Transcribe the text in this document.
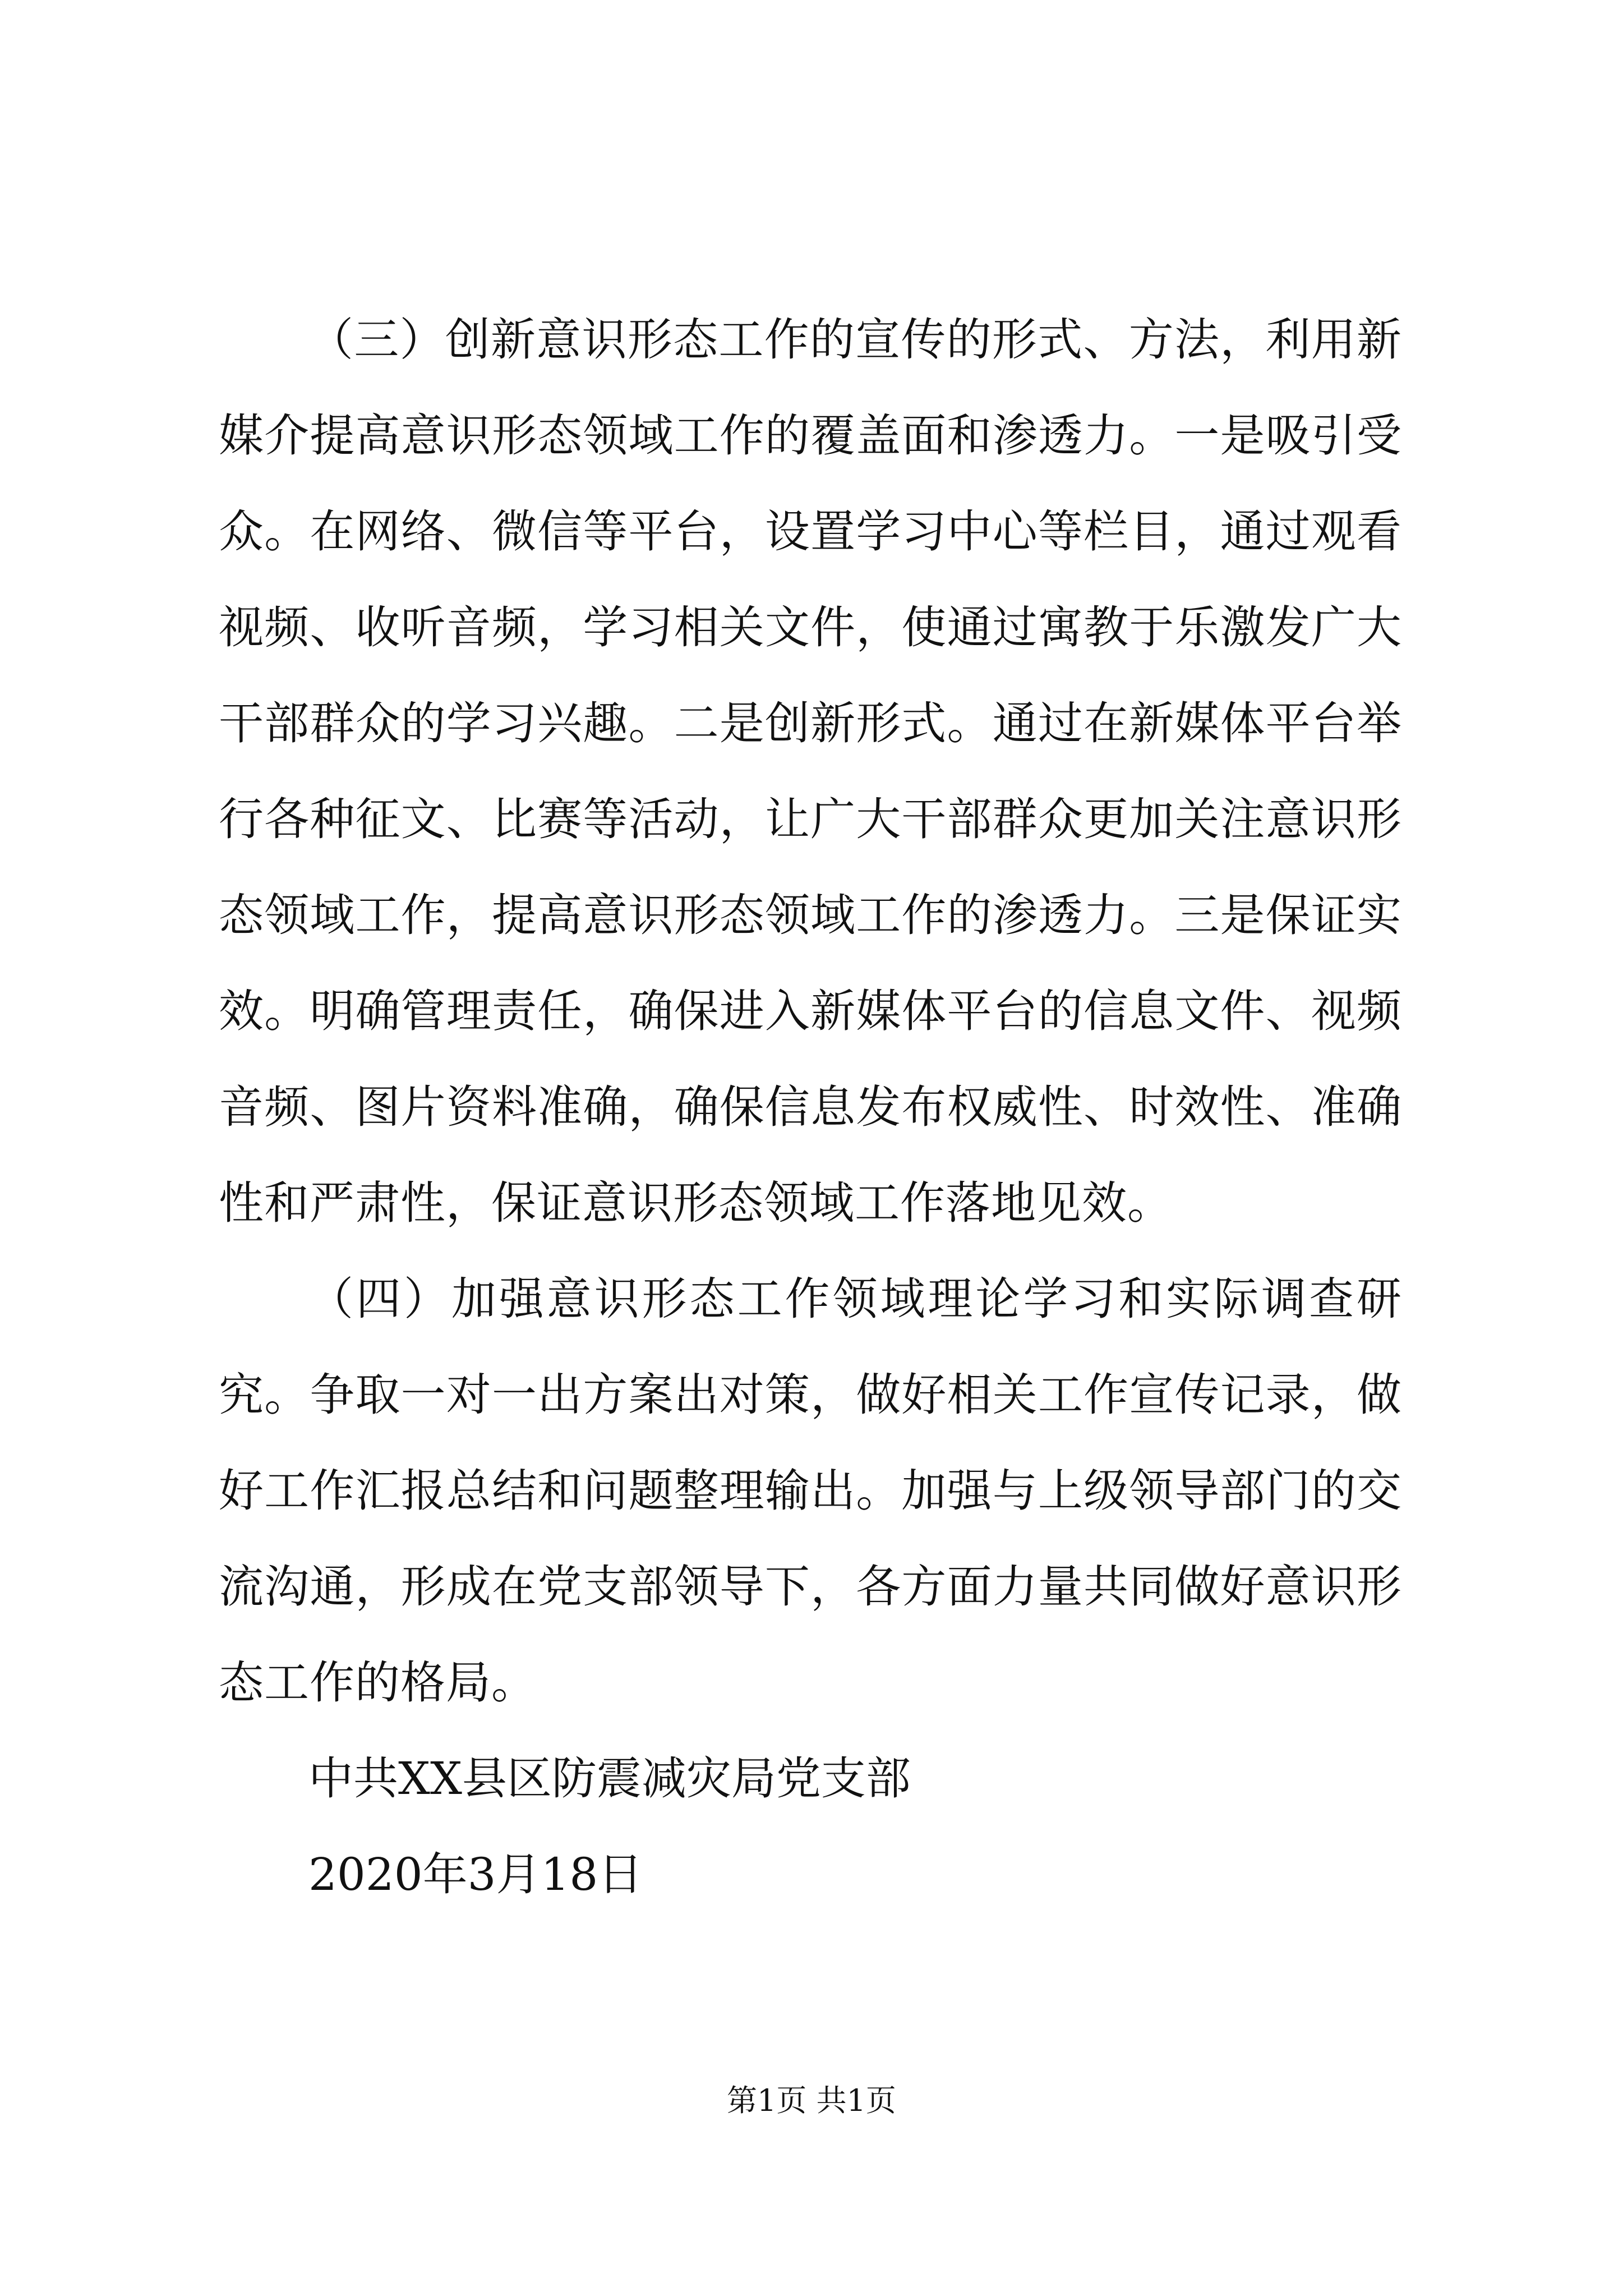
（三）创新意识形态工作的宣传的形式、方法，利用新媒介提高意识形态领域工作的覆盖面和渗透力。一是吸引受众。在网络、微信等平台，设置学习中心等栏目，通过观看视频、收听音频，学习相关文件，使通过寓教于乐激发广大干部群众的学习兴趣。二是创新形式。通过在新媒体平台举行各种征文、比赛等活动，让广大干部群众更加关注意识形态领域工作，提高意识形态领域工作的渗透力。三是保证实效。明确管理责任，确保进入新媒体平台的信息文件、视频音频、图片资料准确，确保信息发布权威性、时效性、准确性和严肃性，保证意识形态领域工作落地见效。

（四）加强意识形态工作领域理论学习和实际调查研究。争取一对一出方案出对策，做好相关工作宣传记录，做好工作汇报总结和问题整理输出。加强与上级领导部门的交流沟通，形成在党支部领导下，各方面力量共同做好意识形态工作的格局。

中共XX县区防震减灾局党支部

2020年3月18日

第1页 共1页
